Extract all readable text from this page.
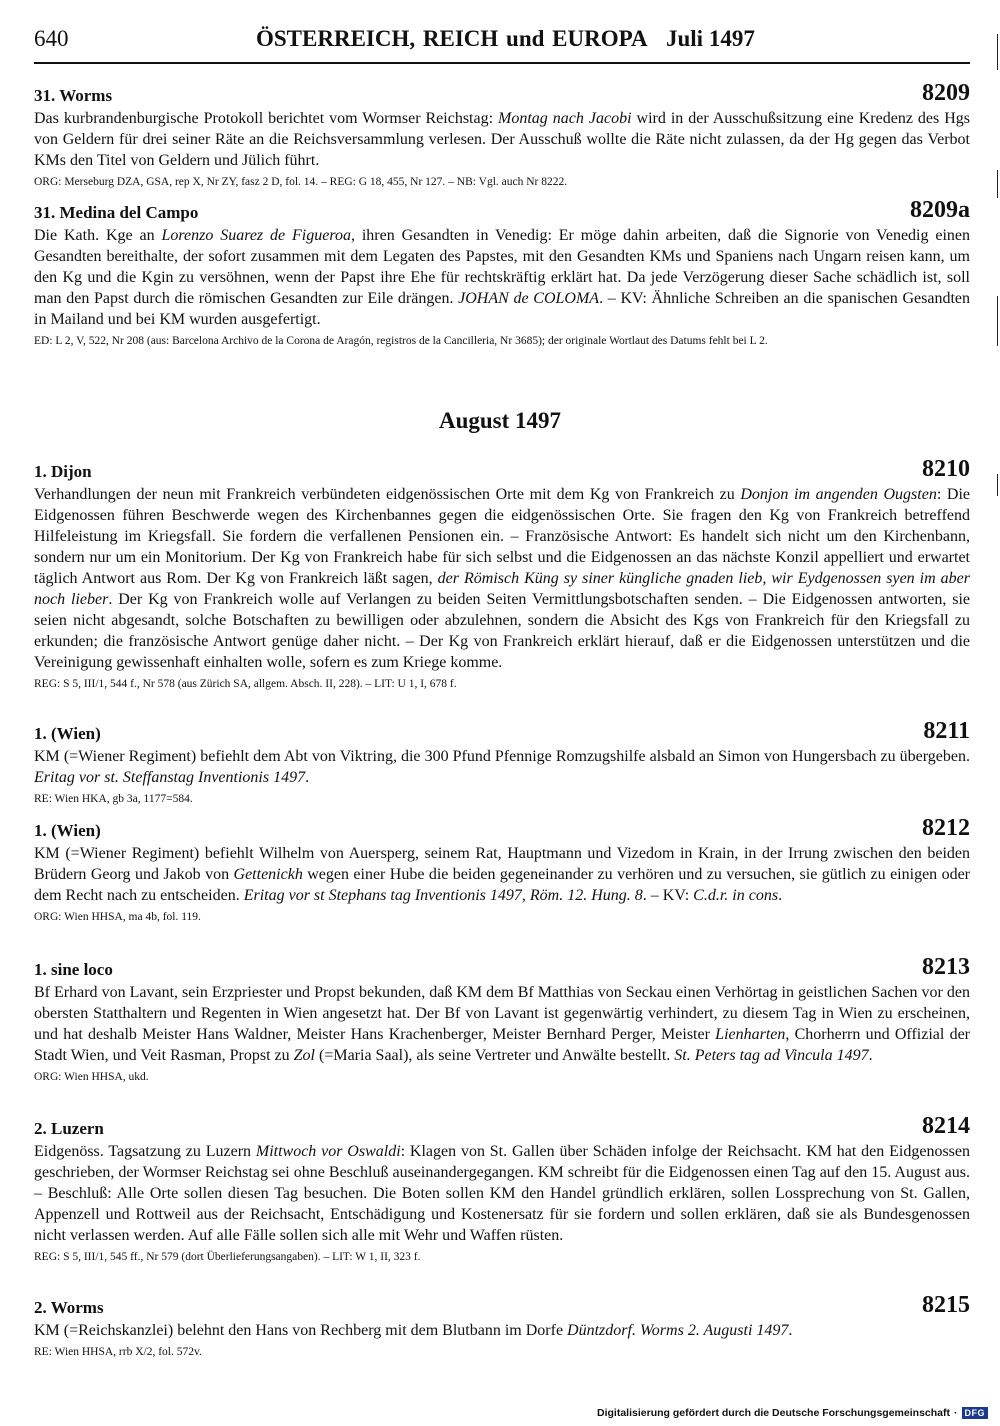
640	ÖSTERREICH, REICH und EUROPA Juli 1497
31. Worms	8209

Das kurbrandenburgische Protokoll berichtet vom Wormser Reichstag: Montag nach Jacobi wird in der Ausschußsitzung eine Kredenz des Hgs von Geldern für drei seiner Räte an die Reichsversammlung verlesen. Der Ausschuß wollte die Räte nicht zulassen, da der Hg gegen das Verbot KMs den Titel von Geldern und Jülich führt.

ORG: Merseburg DZA, GSA, rep X, Nr ZY, fasz 2 D, fol. 14. – REG: G 18, 455, Nr 127. – NB: Vgl. auch Nr 8222.

31. Medina del Campo	8209a

Die Kath. Kge an Lorenzo Suarez de Figueroa, ihren Gesandten in Venedig: Er möge dahin arbeiten, daß die Signorie von Venedig einen Gesandten bereithalte, der sofort zusammen mit dem Legaten des Papstes, mit den Gesandten KMs und Spaniens nach Ungarn reisen kann, um den Kg und die Kgin zu versöhnen, wenn der Papst ihre Ehe für rechtskräftig erklärt hat. Da jede Verzögerung dieser Sache schädlich ist, soll man den Papst durch die römischen Gesandten zur Eile drängen. JOHAN de COLOMA. – KV: Ähnliche Schreiben an die spanischen Gesandten in Mailand und bei KM wurden ausgefertigt.

ED: L 2, V, 522, Nr 208 (aus: Barcelona Archivo de la Corona de Aragón, registros de la Cancilleria, Nr 3685); der originale Wortlaut des Datums fehlt bei L 2.

August 1497
1. Dijon	8210

Verhandlungen der neun mit Frankreich verbündeten eidgenössischen Orte mit dem Kg von Frankreich zu Donjon im angenden Ougsten: Die Eidgenossen führen Beschwerde wegen des Kirchenbannes gegen die eidgenössischen Orte. Sie fragen den Kg von Frankreich betreffend Hilfeleistung im Kriegsfall. Sie fordern die verfallenen Pensionen ein. – Französische Antwort: Es handelt sich nicht um den Kirchenbann, sondern nur um ein Monitorium. Der Kg von Frankreich habe für sich selbst und die Eidgenossen an das nächste Konzil appelliert und erwartet täglich Antwort aus Rom. Der Kg von Frankreich läßt sagen, der Römisch Küng sy siner küngliche gnaden lieb, wir Eydgenossen syen im aber noch lieber. Der Kg von Frankreich wolle auf Verlangen zu beiden Seiten Vermittlungsbotschaften senden. – Die Eidgenossen antworten, sie seien nicht abgesandt, solche Botschaften zu bewilligen oder abzulehnen, sondern die Absicht des Kgs von Frankreich für den Kriegsfall zu erkunden; die französische Antwort genüge daher nicht. – Der Kg von Frankreich erklärt hierauf, daß er die Eidgenossen unterstützen und die Vereinigung gewissenhaft einhalten wolle, sofern es zum Kriege komme.

REG: S 5, III/1, 544 f., Nr 578 (aus Zürich SA, allgem. Absch. II, 228). – LIT: U 1, I, 678 f.

1. (Wien)	8211

KM (=Wiener Regiment) befiehlt dem Abt von Viktring, die 300 Pfund Pfennige Romzugshilfe alsbald an Simon von Hungersbach zu übergeben. Eritag vor st. Steffanstag Inventionis 1497.

RE: Wien HKA, gb 3a, 1177=584.

1. (Wien)	8212

KM (=Wiener Regiment) befiehlt Wilhelm von Auersperg, seinem Rat, Hauptmann und Vizedom in Krain, in der Irrung zwischen den beiden Brüdern Georg und Jakob von Gettenickh wegen einer Hube die beiden gegeneinander zu verhören und zu versuchen, sie gütlich zu einigen oder dem Recht nach zu entscheiden. Eritag vor st Stephans tag Inventionis 1497, Röm. 12. Hung. 8. – KV: C.d.r. in cons.

ORG: Wien HHSA, ma 4b, fol. 119.

1. sine loco	8213

Bf Erhard von Lavant, sein Erzpriester und Propst bekunden, daß KM dem Bf Matthias von Seckau einen Verhörtag in geistlichen Sachen vor den obersten Statthaltern und Regenten in Wien angesetzt hat. Der Bf von Lavant ist gegenwärtig verhindert, zu diesem Tag in Wien zu erscheinen, und hat deshalb Meister Hans Waldner, Meister Hans Krachenberger, Meister Bernhard Perger, Meister Lienharten, Chorherrn und Offizial der Stadt Wien, und Veit Rasman, Propst zu Zol (=Maria Saal), als seine Vertreter und Anwälte bestellt. St. Peters tag ad Vincula 1497.

ORG: Wien HHSA, ukd.

2. Luzern	8214

Eidgenöss. Tagsatzung zu Luzern Mittwoch vor Oswaldi: Klagen von St. Gallen über Schäden infolge der Reichsacht. KM hat den Eidgenossen geschrieben, der Wormser Reichstag sei ohne Beschluß auseinandergegangen. KM schreibt für die Eidgenossen einen Tag auf den 15. August aus. – Beschluß: Alle Orte sollen diesen Tag besuchen. Die Boten sollen KM den Handel gründlich erklären, sollen Lossprechung von St. Gallen, Appenzell und Rottweil aus der Reichsacht, Entschädigung und Kostenersatz für sie fordern und sollen erklären, daß sie als Bundesgenossen nicht verlassen werden. Auf alle Fälle sollen sich alle mit Wehr und Waffen rüsten.

REG: S 5, III/1, 545 ff., Nr 579 (dort Überlieferungsangaben). – LIT: W 1, II, 323 f.

2. Worms	8215

KM (=Reichskanzlei) belehnt den Hans von Rechberg mit dem Blutbann im Dorfe Düntzdorf. Worms 2. Augusti 1497.

RE: Wien HHSA, rrb X/2, fol. 572v.

Digitalisierung gefördert durch die Deutsche Forschungsgemeinschaft · DFG
